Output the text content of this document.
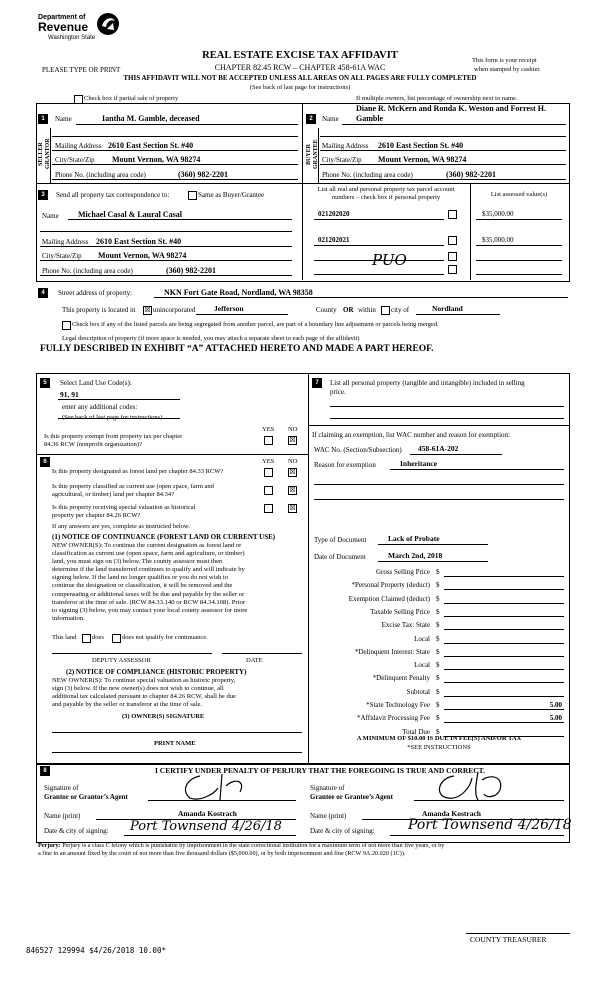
Department of
Revenue
Washington State
REAL ESTATE EXCISE TAX AFFIDAVIT
CHAPTER 82.45 RCW – CHAPTER 458-61A WAC
PLEASE TYPE OR PRINT
This form is your receipt
when stamped by cashier.
THIS AFFIDAVIT WILL NOT BE ACCEPTED UNLESS ALL AREAS ON ALL PAGES ARE FULLY COMPLETED
(See back of last page for instructions)
Check box if partial sale of property	If multiple owners, list percentage of ownership next to name.
1
SELLER GRANTOR
Name	Iantha M. Gamble, deceased
Mailing Address 2610 East Section St. #40
City/State/Zip Mount Vernon, WA 98274
Phone No. (including area code)	(360) 982-2201
2
BUYER GRANTEE
Diane R. McKern and Ronda K. Weston and Forrest H.
Name Gamble
Mailing Address 2610 East Section St. #40
City/State/Zip Mount Vernon, WA 98274
Phone No. (including area code)	(360) 982-2201
3	Send all property tax correspondence to:	Same as Buyer/Grantee
Name Michael Casal & Laural Casal
Mailing Address 2610 East Section St. #40
City/State/Zip Mount Vernon, WA 98274
Phone No. (including area code)	(360) 982-2201
List all real and personal property tax parcel account
numbers – check box if personal property	List assessed value(s)
021202020	$35,000.00
021202021	$35,000.00
PUO
4	Street address of property:	NKN Fort Gate Road, Nordland, WA 98358
This property is located in ☒ unincorporated Jefferson	County OR within city of	Nordland
Check box if any of the listed parcels are being segregated from another parcel, are part of a boundary line adjustment or parcels being merged.
Legal description of property (if more space is needed, you may attach a separate sheet to each page of the affidavit)
FULLY DESCRIBED IN EXHIBIT “A” ATTACHED HERETO AND MADE A PART HEREOF.
5	Select Land Use Code(s):
91, 91
enter any additional codes:
(See back of last page for instructions)
YES NO
Is this property exempt from property tax per chapter
84.36 RCW (nonprofit organization)?
☒
6	YES NO
Is this property designated as forest land per chapter 84.33 RCW?	☒
Is this property classified as current use (open space, farm and
agricultural, or timber) land per chapter 84.34?
☒
Is this property receiving special valuation as historical
property per chapter 84.26 RCW?
☒
If any answers are yes, complete as instructed below.
(1) NOTICE OF CONTINUANCE (FOREST LAND OR CURRENT USE)
NEW OWNER(S): To continue the current designation as forest land or
classification as current use (open space, farm and agriculture, or timber)
land, you must sign on (3) below. The county assessor must then
determine if the land transferred continues to qualify and will indicate by
signing below. If the land no longer qualifies or you do not wish to
continue the designation or classification, it will be removed and the
compensating or additional taxes will be due and payable by the seller or
transferor at the time of sale. (RCW 84.33.140 or RCW 84.34.108). Prior
to signing (3) below, you may contact your local county assessor for more
information.
This land does	does not qualify for continuance.
DEPUTY ASSESSOR	DATE
(2) NOTICE OF COMPLIANCE (HISTORIC PROPERTY)
NEW OWNER(S): To continue special valuation as historic property,
sign (3) below. If the new owner(s) does not wish to continue, all
additional tax calculated pursuant to chapter 84.26 RCW, shall be due
and payable by the seller or transferor at the time of sale.
(3) OWNER(S) SIGNATURE
PRINT NAME
7	List all personal property (tangible and intangible) included in selling
price.
If claiming an exemption, list WAC number and reason for exemption:
WAC No. (Section/Subsection) 458-61A-202
Reason for exemption	Inheritance
Type of Document	Lack of Probate
Date of Document	March 2nd, 2018
Gross Selling Price $
*Personal Property (deduct) $
Exemption Claimed (deduct) $
Taxable Selling Price $
Excise Tax: State $
Local $
*Delinquent Interest: State $
Local $
*Delinquent Penalty $
Subtotal $
*State Technology Fee $	5.00
*Affidavit Processing Fee $	5.00
Total Due $
A MINIMUM OF $10.00 IS DUE IN FEE(S) AND/OR TAX
*SEE INSTRUCTIONS
8	I CERTIFY UNDER PENALTY OF PERJURY THAT THE FOREGOING IS TRUE AND CORRECT.
Signature of
Grantor or Grantor’s Agent
Name (print)	Amanda Kostrach
Date & city of signing: Port Townsend 4/26/18
Signature of
Grantee or Grantee’s Agent
Name (print)	Amanda Kostrach
Date & city of signing: Port Townsend 4/26/18
Perjury: Perjury is a class C felony which is punishable by imprisonment in the state correctional institution for a maximum term of not more than five years, or by
a fine in an amount fixed by the court of not more than five thousand dollars ($5,000.00), or by both imprisonment and fine (RCW 9A.20.020 (1C)).
COUNTY TREASURER
846527 129994 $4/26/2018 10.00*
